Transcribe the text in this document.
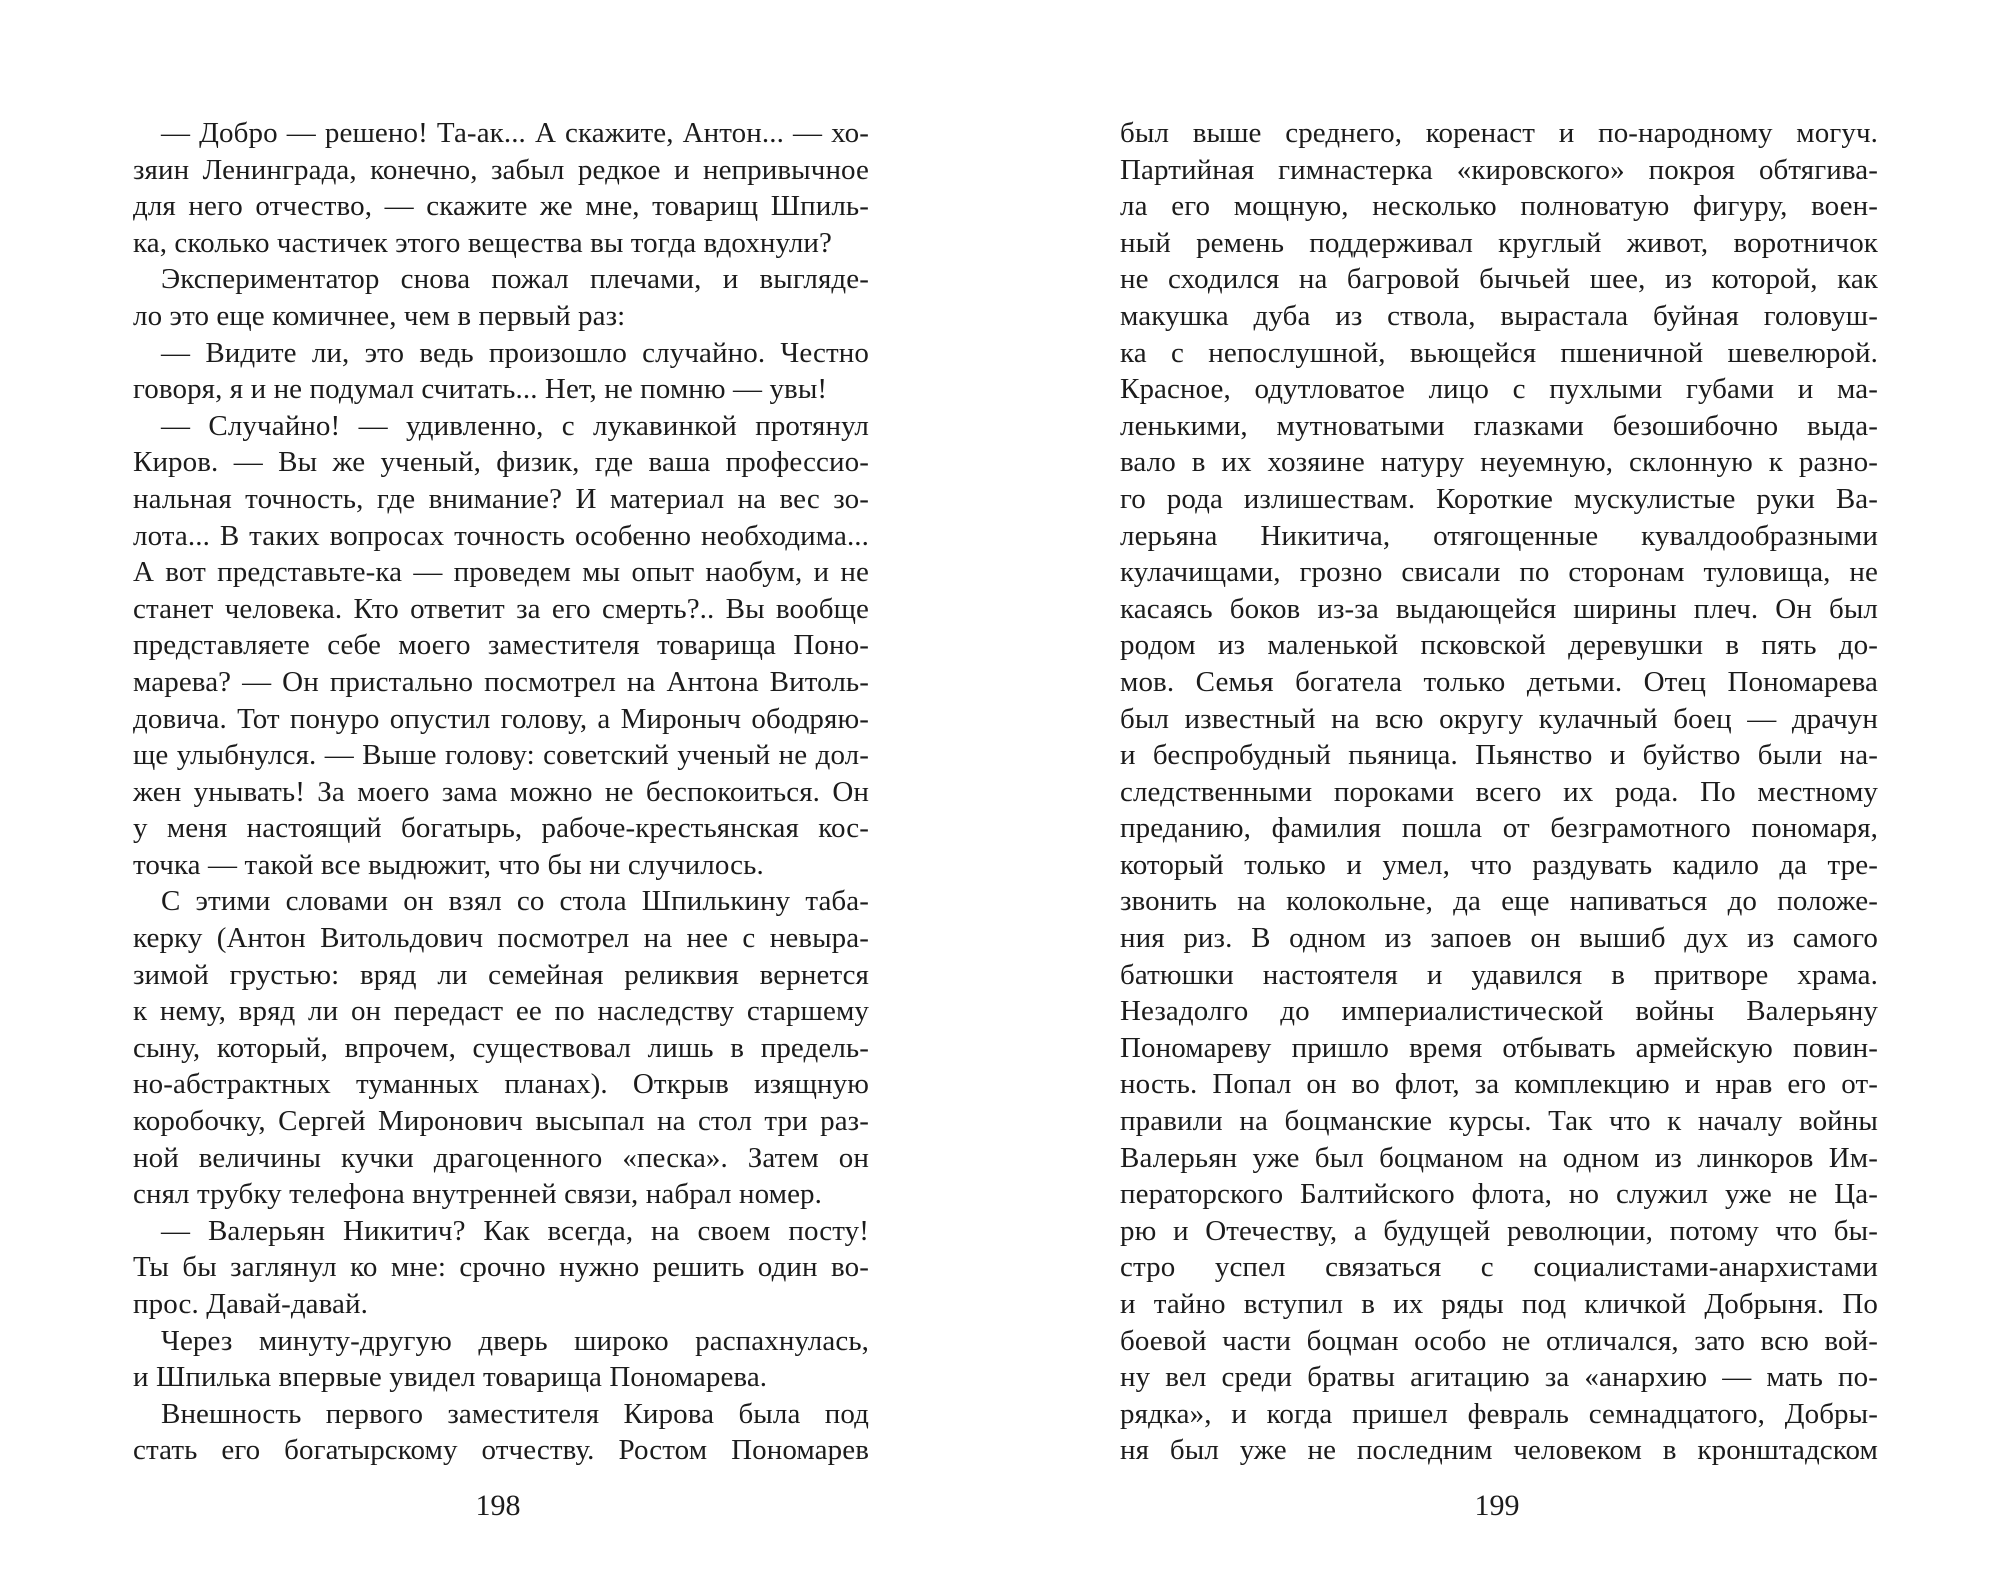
— Добро — решено! Та-ак... А скажите, Антон... — хо-
зяин Ленинграда, конечно, забыл редкое и непривычное
для него отчество, — скажите же мне, товарищ Шпиль-
ка, сколько частичек этого вещества вы тогда вдохнули?
Экспериментатор снова пожал плечами, и выгляде-
ло это еще комичнее, чем в первый раз:
— Видите ли, это ведь произошло случайно. Честно
говоря, я и не подумал считать... Нет, не помню — увы!
— Случайно! — удивленно, с лукавинкой протянул
Киров. — Вы же ученый, физик, где ваша профессио-
нальная точность, где внимание? И материал на вес зо-
лота... В таких вопросах точность особенно необходима...
А вот представьте-ка — проведем мы опыт наобум, и не
станет человека. Кто ответит за его смерть?.. Вы вообще
представляете себе моего заместителя товарища Поно-
марева? — Он пристально посмотрел на Антона Витоль-
довича. Тот понуро опустил голову, а Мироныч ободряю-
ще улыбнулся. — Выше голову: советский ученый не дол-
жен унывать! За моего зама можно не беспокоиться. Он
у меня настоящий богатырь, рабоче-крестьянская кос-
точка — такой все выдюжит, что бы ни случилось.
С этими словами он взял со стола Шпилькину таба-
керку (Антон Витольдович посмотрел на нее с невыра-
зимой грустью: вряд ли семейная реликвия вернется
к нему, вряд ли он передаст ее по наследству старшему
сыну, который, впрочем, существовал лишь в предель-
но-абстрактных туманных планах). Открыв изящную
коробочку, Сергей Миронович высыпал на стол три раз-
ной величины кучки драгоценного «песка». Затем он
снял трубку телефона внутренней связи, набрал номер.
— Валерьян Никитич? Как всегда, на своем посту!
Ты бы заглянул ко мне: срочно нужно решить один во-
прос. Давай-давай.
Через минуту-другую дверь широко распахнулась,
и Шпилька впервые увидел товарища Пономарева.
Внешность первого заместителя Кирова была под
стать его богатырскому отчеству. Ростом Пономарев
был выше среднего, коренаст и по-народному могуч.
Партийная гимнастерка «кировского» покроя обтягива-
ла его мощную, несколько полноватую фигуру, воен-
ный ремень поддерживал круглый живот, воротничок
не сходился на багровой бычьей шее, из которой, как
макушка дуба из ствола, вырастала буйная головуш-
ка с непослушной, вьющейся пшеничной шевелюрой.
Красное, одутловатое лицо с пухлыми губами и ма-
ленькими, мутноватыми глазками безошибочно выда-
вало в их хозяине натуру неуемную, склонную к разно-
го рода излишествам. Короткие мускулистые руки Ва-
лерьяна Никитича, отягощенные кувалдообразными
кулачищами, грозно свисали по сторонам туловища, не
касаясь боков из-за выдающейся ширины плеч. Он был
родом из маленькой псковской деревушки в пять до-
мов. Семья богатела только детьми. Отец Пономарева
был известный на всю округу кулачный боец — драчун
и беспробудный пьяница. Пьянство и буйство были на-
следственными пороками всего их рода. По местному
преданию, фамилия пошла от безграмотного пономаря,
который только и умел, что раздувать кадило да тре-
звонить на колокольне, да еще напиваться до положе-
ния риз. В одном из запоев он вышиб дух из самого
батюшки настоятеля и удавился в притворе храма.
Незадолго до империалистической войны Валерьяну
Пономареву пришло время отбывать армейскую повин-
ность. Попал он во флот, за комплекцию и нрав его от-
правили на боцманские курсы. Так что к началу войны
Валерьян уже был боцманом на одном из линкоров Им-
ператорского Балтийского флота, но служил уже не Ца-
рю и Отечеству, а будущей революции, потому что бы-
стро успел связаться с социалистами-анархистами
и тайно вступил в их ряды под кличкой Добрыня. По
боевой части боцман особо не отличался, зато всю вой-
ну вел среди братвы агитацию за «анархию — мать по-
рядка», и когда пришел февраль семнадцатого, Добры-
ня был уже не последним человеком в кронштадском
198	199
